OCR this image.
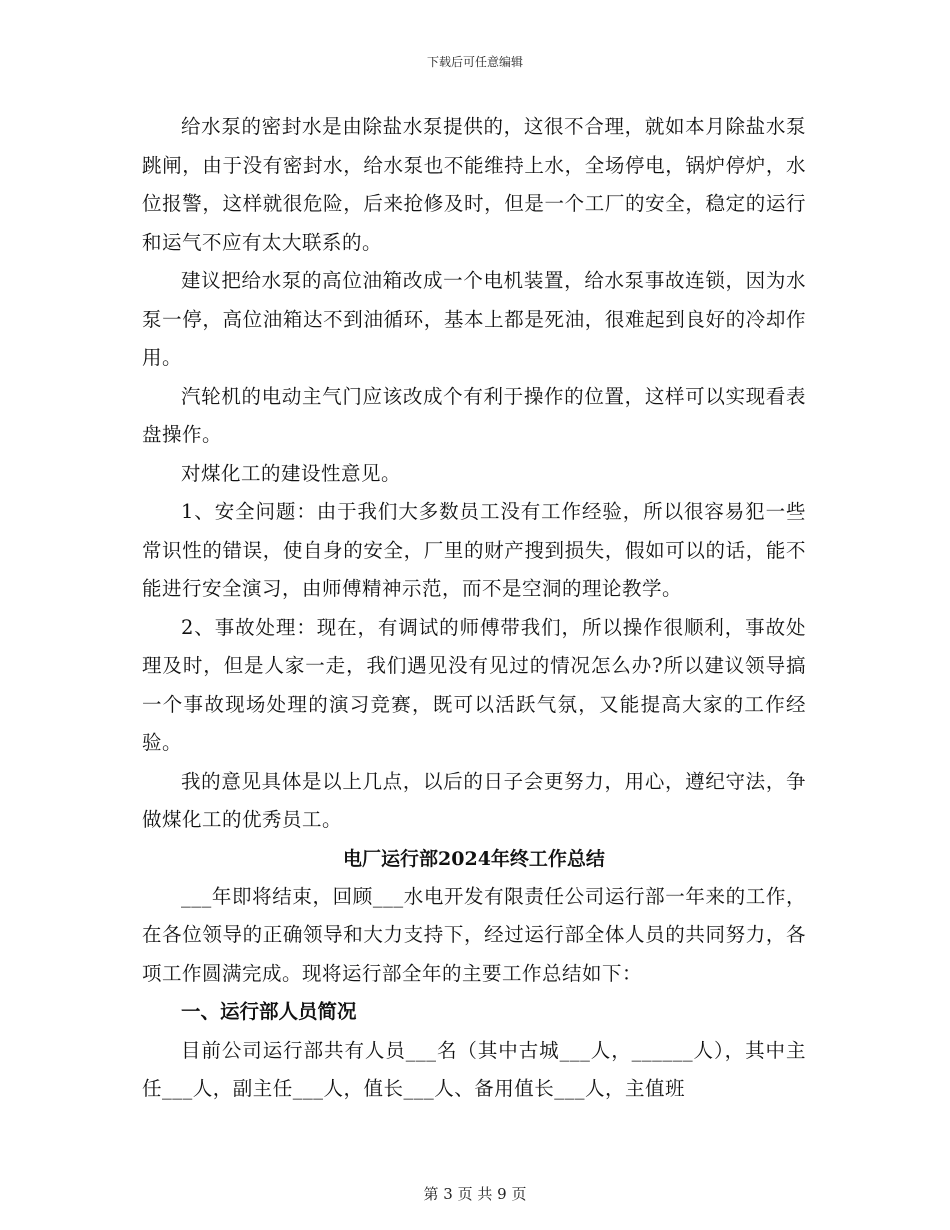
下载后可任意编辑

给水泵的密封水是由除盐水泵提供的，这很不合理，就如本月除盐水泵跳闸，由于没有密封水，给水泵也不能维持上水，全场停电，锅炉停炉，水位报警，这样就很危险，后来抢修及时，但是一个工厂的安全，稳定的运行和运气不应有太大联系的。

建议把给水泵的高位油箱改成一个电机装置，给水泵事故连锁，因为水泵一停，高位油箱达不到油循环，基本上都是死油，很难起到良好的冷却作用。

汽轮机的电动主气门应该改成个有利于操作的位置，这样可以实现看表盘操作。

对煤化工的建设性意见。

1、安全问题：由于我们大多数员工没有工作经验，所以很容易犯一些常识性的错误，使自身的安全，厂里的财产搜到损失，假如可以的话，能不能进行安全演习，由师傅精神示范，而不是空洞的理论教学。

2、事故处理：现在，有调试的师傅带我们，所以操作很顺利，事故处理及时，但是人家一走，我们遇见没有见过的情况怎么办?所以建议领导搞一个事故现场处理的演习竞赛，既可以活跃气氛，又能提高大家的工作经验。

我的意见具体是以上几点，以后的日子会更努力，用心，遵纪守法，争做煤化工的优秀员工。

电厂运行部2024年终工作总结

___年即将结束，回顾___水电开发有限责任公司运行部一年来的工作，在各位领导的正确领导和大力支持下，经过运行部全体人员的共同努力，各项工作圆满完成。现将运行部全年的主要工作总结如下：

一、运行部人员简况

目前公司运行部共有人员___名（其中古城___人，______人），其中主任___人，副主任___人，值长___人、备用值长___人，主值班

第 3 页 共 9 页
